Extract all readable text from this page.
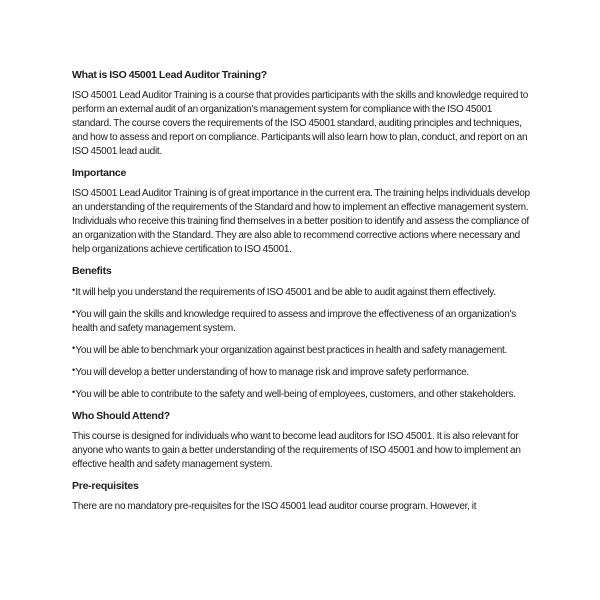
What is ISO 45001 Lead Auditor Training?

ISO 45001 Lead Auditor Training is a course that provides participants with the skills and knowledge required to perform an external audit of an organization's management system for compliance with the ISO 45001 standard. The course covers the requirements of the ISO 45001 standard, auditing principles and techniques, and how to assess and report on compliance. Participants will also learn how to plan, conduct, and report on an ISO 45001 lead audit.

Importance

ISO 45001 Lead Auditor Training is of great importance in the current era. The training helps individuals develop an understanding of the requirements of the Standard and how to implement an effective management system. Individuals who receive this training find themselves in a better position to identify and assess the compliance of an organization with the Standard. They are also able to recommend corrective actions where necessary and help organizations achieve certification to ISO 45001.

Benefits

•It will help you understand the requirements of ISO 45001 and be able to audit against them effectively.

•You will gain the skills and knowledge required to assess and improve the effectiveness of an organization's health and safety management system.

•You will be able to benchmark your organization against best practices in health and safety management.

•You will develop a better understanding of how to manage risk and improve safety performance.

•You will be able to contribute to the safety and well-being of employees, customers, and other stakeholders.

Who Should Attend?

This course is designed for individuals who want to become lead auditors for ISO 45001. It is also relevant for anyone who wants to gain a better understanding of the requirements of ISO 45001 and how to implement an effective health and safety management system.

Pre-requisites

There are no mandatory pre-requisites for the ISO 45001 lead auditor course program. However, it
